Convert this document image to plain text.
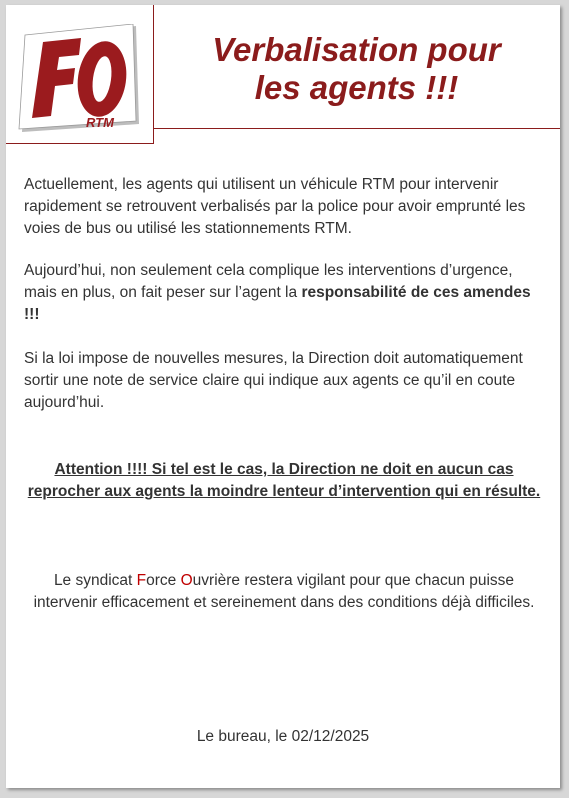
RTM
Verbalisation pour
les agents !!!

Actuellement, les agents qui utilisent un véhicule RTM pour intervenir rapidement se retrouvent verbalisés par la police pour avoir emprunté les voies de bus ou utilisé les stationnements RTM.

Aujourd’hui, non seulement cela complique les interventions d’urgence, mais en plus, on fait peser sur l’agent la responsabilité de ces amendes !!!

Si la loi impose de nouvelles mesures, la Direction doit automatiquement sortir une note de service claire qui indique aux agents ce qu’il en coute aujourd’hui.

Attention !!!! Si tel est le cas, la Direction ne doit en aucun cas reprocher aux agents la moindre lenteur d’intervention qui en résulte.

Le syndicat Force Ouvrière restera vigilant pour que chacun puisse intervenir efficacement et sereinement dans des conditions déjà difficiles.

Le bureau, le 02/12/2025
